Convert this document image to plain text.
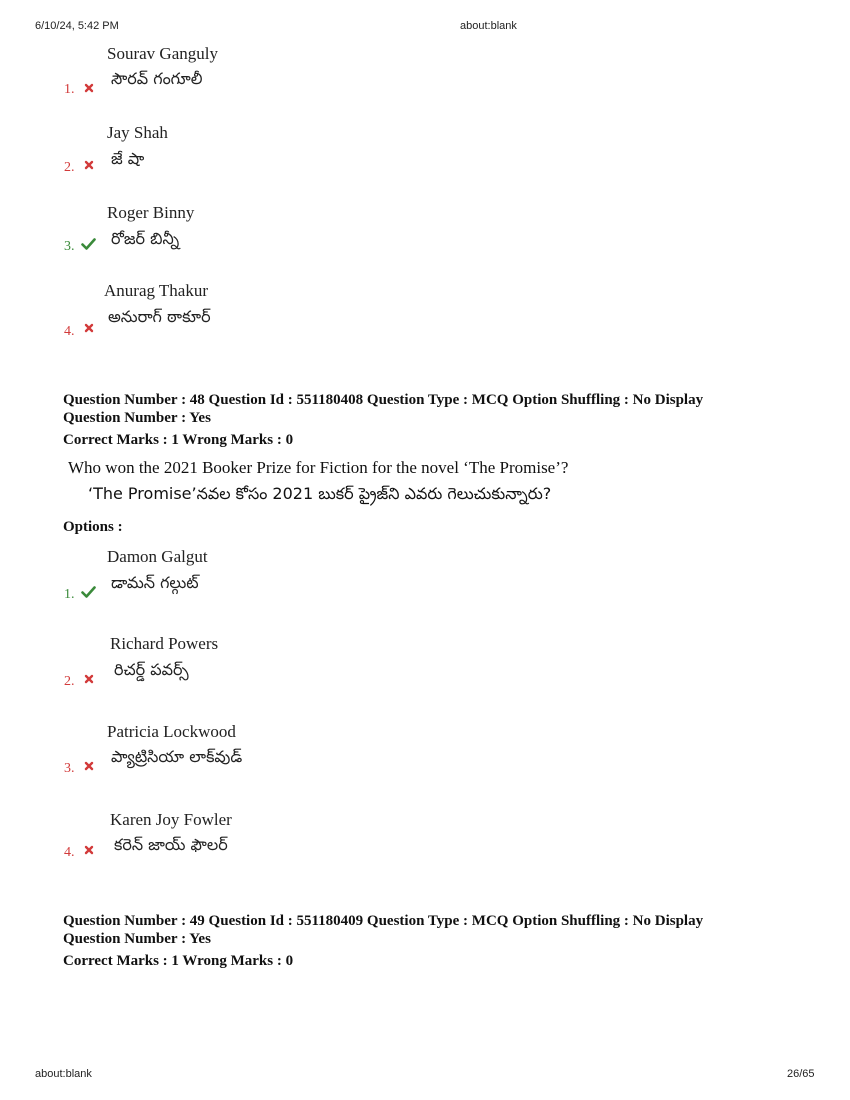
6/10/24, 5:42 PM	about:blank
about:blank	26/65
Sourav Ganguly
సౌరవ్ గంగూలీ
1.
Jay Shah
జే షా
2.
Roger Binny
రోజర్ బిన్నీ
3.
Anurag Thakur
అనురాగ్ ఠాకూర్
4.
Question Number : 48 Question Id : 551180408 Question Type : MCQ Option Shuffling : No Display
Question Number : Yes
Correct Marks : 1 Wrong Marks : 0
Who won the 2021 Booker Prize for Fiction for the novel ‘The Promise’?
‘The Promise’నవల కోసం 2021 బుకర్ ప్రైజ్‌ని ఎవరు గెలుచుకున్నారు?
Options :
Damon Galgut
డామన్ గల్గుట్
1.
Richard Powers
రిచర్డ్ పవర్స్
2.
Patricia Lockwood
ప్యాట్రిసియా లాక్‌వుడ్
3.
Karen Joy Fowler
కరెన్ జాయ్ ఫౌలర్
4.
Question Number : 49 Question Id : 551180409 Question Type : MCQ Option Shuffling : No Display
Question Number : Yes
Correct Marks : 1 Wrong Marks : 0
